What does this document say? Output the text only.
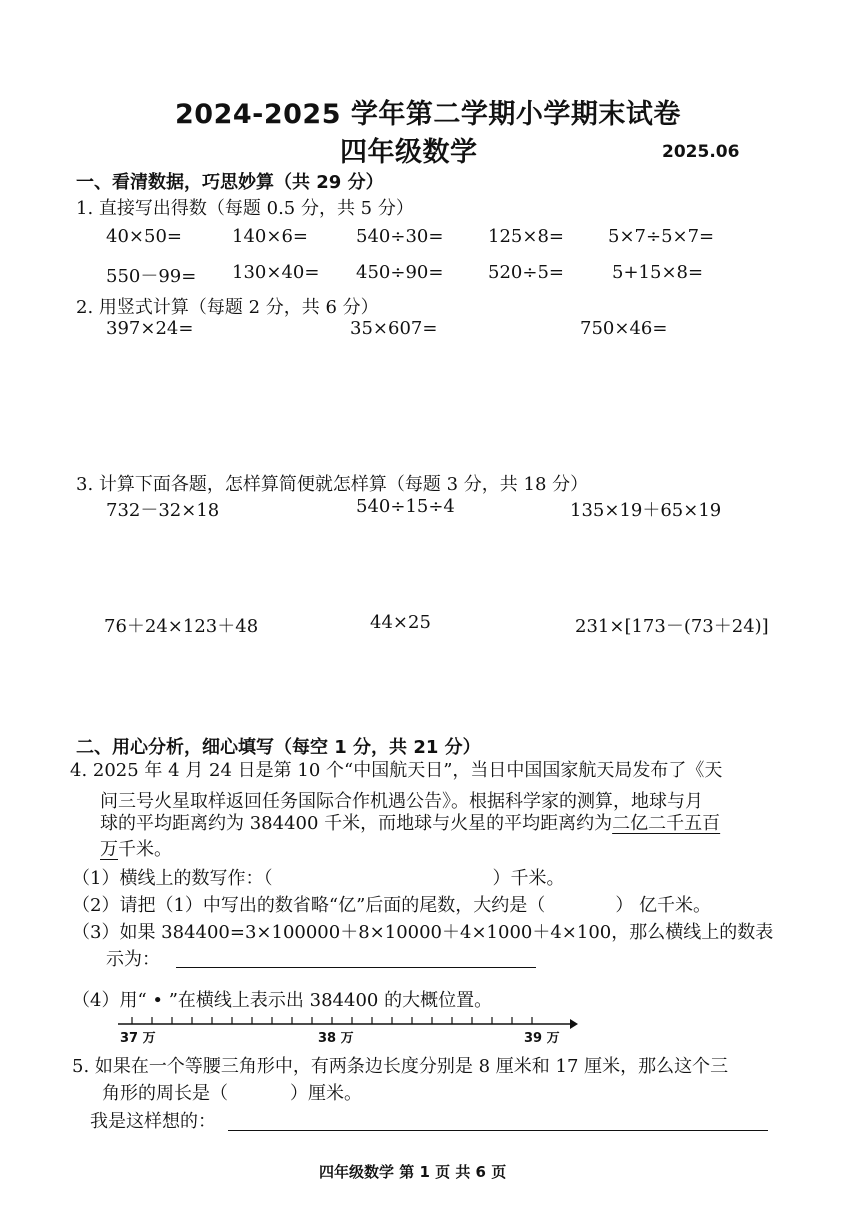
2024-2025 学年第二学期小学期末试卷
四年级数学	2025.06
一、看清数据，巧思妙算（共 29 分）
1. 直接写出得数（每题 0.5 分，共 5 分）
40×50=	140×6=	540÷30= 125×8= 5×7÷5×7=
550－99= 130×40= 450÷90= 520÷5=	5+15×8=
2. 用竖式计算（每题 2 分，共 6 分）
397×24=	35×607=	750×46=
3. 计算下面各题，怎样算简便就怎样算（每题 3 分，共 18 分）
732－32×18	540÷15÷4	135×19＋65×19
76＋24×123＋48	44×25	231×[173－(73＋24)]
二、用心分析，细心填写（每空 1 分，共 21 分）
4. 2025 年 4 月 24 日是第 10 个“中国航天日”，当日中国国家航天局发布了《天
问三号火星取样返回任务国际合作机遇公告》。根据科学家的测算，地球与月
球的平均距离约为 384400 千米，而地球与火星的平均距离约为二亿二千五百
万千米。
（1）横线上的数写作：（	）千米。
（2）请把（1）中写出的数省略“亿”后面的尾数，大约是（	） 亿千米。
（3）如果 384400=3×100000＋8×10000＋4×1000＋4×100，那么横线上的数表
示为：
（4）用“ • ”在横线上表示出 384400 的大概位置。
37 万	38 万	39 万
5. 如果在一个等腰三角形中，有两条边长度分别是 8 厘米和 17 厘米，那么这个三
角形的周长是（	）厘米。
我是这样想的：
四年级数学 第 1 页 共 6 页
